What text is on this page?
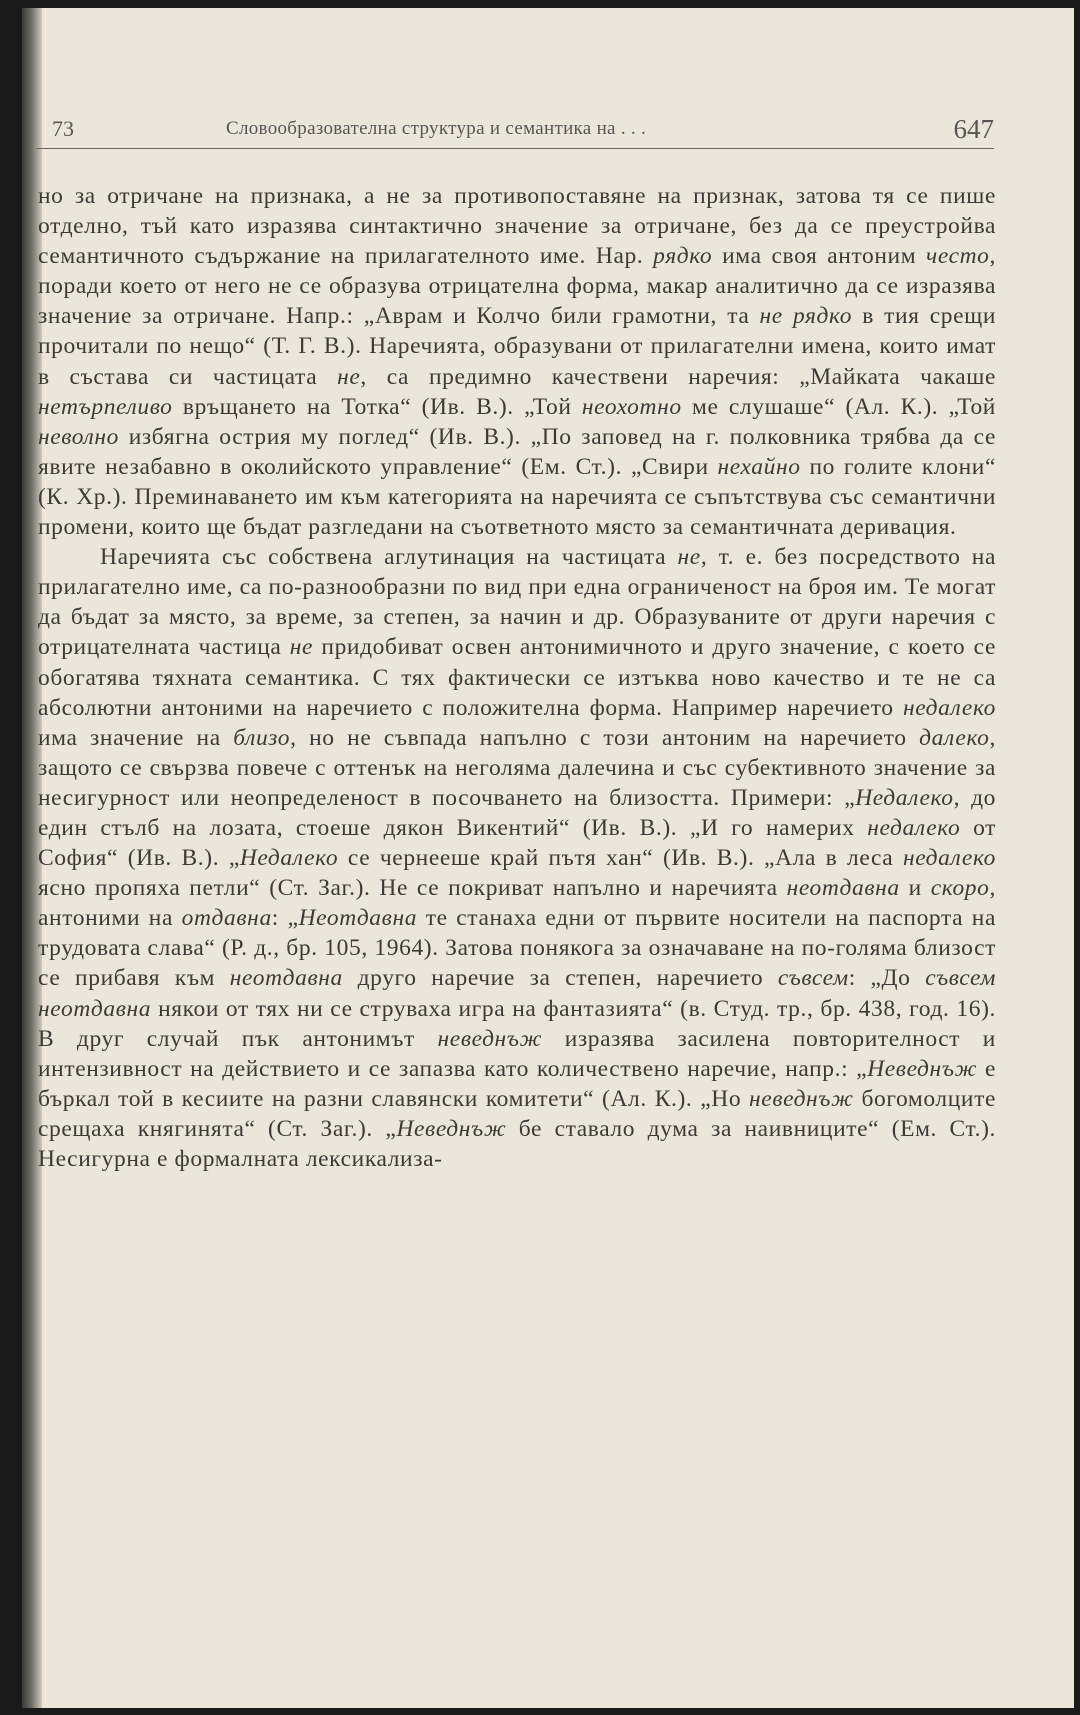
73	Словообразователна структура и семантика на . . .	647

но за отричане на признака, а не за противопоставяне на признак, затова тя се пише отделно, тъй като изразява синтактично значение за отричане, без да се преустройва семантичното съдържание на прилагателното име. Нар. рядко има своя антоним често, поради което от него не се образува отрицателна форма, макар аналитично да се изразява значение за отричане. Напр.: „Аврам и Колчо били грамотни, та не рядко в тия срещи прочитали по нещо“ (Т. Г. В.). Наречията, образувани от прилагателни имена, които имат в състава си частицата не, са предимно качествени наречия: „Майката чакаше нетърпеливо връщането на Тотка“ (Ив. В.). „Той неохотно ме слушаше“ (Ал. К.). „Той неволно избягна острия му поглед“ (Ив. В.). „По заповед на г. полковника трябва да се явите незабавно в околийското управление“ (Ем. Ст.). „Свири нехайно по голите клони“ (К. Хр.). Преминаването им към категорията на наречията се съпътствува със семантични промени, които ще бъдат разгледани на съответното място за семантичната деривация.

Наречията със собствена аглутинация на частицата не, т. е. без посредството на прилагателно име, са по-разнообразни по вид при една ограниченост на броя им. Те могат да бъдат за място, за време, за степен, за начин и др. Образуваните от други наречия с отрицателната частица не придобиват освен антонимичното и друго значение, с което се обогатява тяхната семантика. С тях фактически се изтъква ново качество и те не са абсолютни антоними на наречието с положителна форма. Например наречието недалеко има значение на близо, но не съвпада напълно с този антоним на наречието далеко, защото се свързва повече с оттенък на неголяма далечина и със субективното значение за несигурност или неопределеност в посочването на близостта. Примери: „Недалеко, до един стълб на лозата, стоеше дякон Викентий“ (Ив. В.). „И го намерих недалеко от София“ (Ив. В.). „Недалеко се чернееше край пътя хан“ (Ив. В.). „Ала в леса недалеко ясно пропяха петли“ (Ст. Заг.). Не се покриват напълно и наречията неотдавна и скоро, антоними на отдавна: „Неотдавна те станаха едни от първите носители на паспорта на трудовата слава“ (Р. д., бр. 105, 1964). Затова понякога за означаване на по-голяма близост се прибавя към неотдавна друго наречие за степен, наречието съвсем: „До съвсем неотдавна някои от тях ни се струваха игра на фантазията“ (в. Студ. тр., бр. 438, год. 16). В друг случай пък антонимът неведнъж изразява засилена повторителност и интензивност на действието и се запазва като количествено наречие, напр.: „Неведнъж е бъркал той в кесиите на разни славянски комитети“ (Ал. К.). „Но неведнъж богомолците срещаха княгинята“ (Ст. Заг.). „Неведнъж бе ставало дума за наивниците“ (Ем. Ст.). Несигурна е формалната лексикализа-
